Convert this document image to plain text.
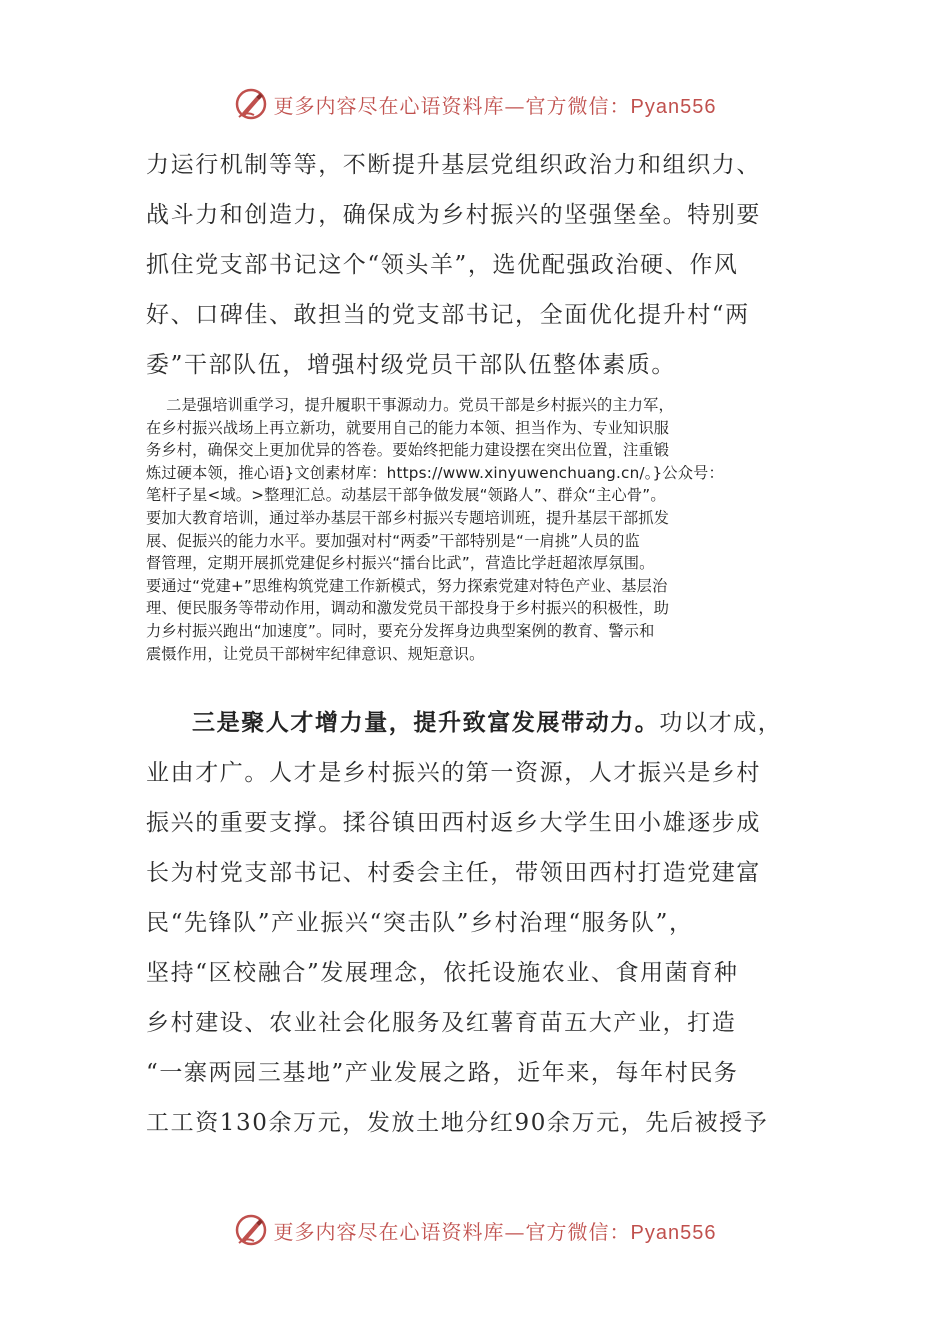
更多内容尽在心语资料库—官方微信：Pyan556
力运行机制等等，不断提升基层党组织政治力和组织力、
战斗力和创造力，确保成为乡村振兴的坚强堡垒。特别要
抓住党支部书记这个“领头羊”，选优配强政治硬、作风
好、口碑佳、敢担当的党支部书记，全面优化提升村“两
委”干部队伍，增强村级党员干部队伍整体素质。
二是强培训重学习，提升履职干事源动力。党员干部是乡村振兴的主力军，
在乡村振兴战场上再立新功，就要用自己的能力本领、担当作为、专业知识服
务乡村，确保交上更加优异的答卷。要始终把能力建设摆在突出位置，注重锻
炼过硬本领，推心语}文创素材库：https://www.xinyuwenchuang.cn/。}公众号：
笔杆子星<域。>整理汇总。动基层干部争做发展“领路人”、群众“主心骨”。
要加大教育培训，通过举办基层干部乡村振兴专题培训班，提升基层干部抓发
展、促振兴的能力水平。要加强对村“两委”干部特别是“一肩挑”人员的监
督管理，定期开展抓党建促乡村振兴“擂台比武”，营造比学赶超浓厚氛围。
要通过“党建+”思维构筑党建工作新模式，努力探索党建对特色产业、基层治
理、便民服务等带动作用，调动和激发党员干部投身于乡村振兴的积极性，助
力乡村振兴跑出“加速度”。同时，要充分发挥身边典型案例的教育、警示和
震慑作用，让党员干部树牢纪律意识、规矩意识。
三是聚人才增力量，提升致富发展带动力。功以才成，
业由才广。人才是乡村振兴的第一资源，人才振兴是乡村
振兴的重要支撑。揉谷镇田西村返乡大学生田小雄逐步成
长为村党支部书记、村委会主任，带领田西村打造党建富
民“先锋队”产业振兴“突击队”乡村治理“服务队”，
坚持“区校融合”发展理念，依托设施农业、食用菌育种
乡村建设、农业社会化服务及红薯育苗五大产业，打造
“一寨两园三基地”产业发展之路，近年来，每年村民务
工工资130余万元，发放土地分红90余万元，先后被授予
更多内容尽在心语资料库—官方微信：Pyan556
